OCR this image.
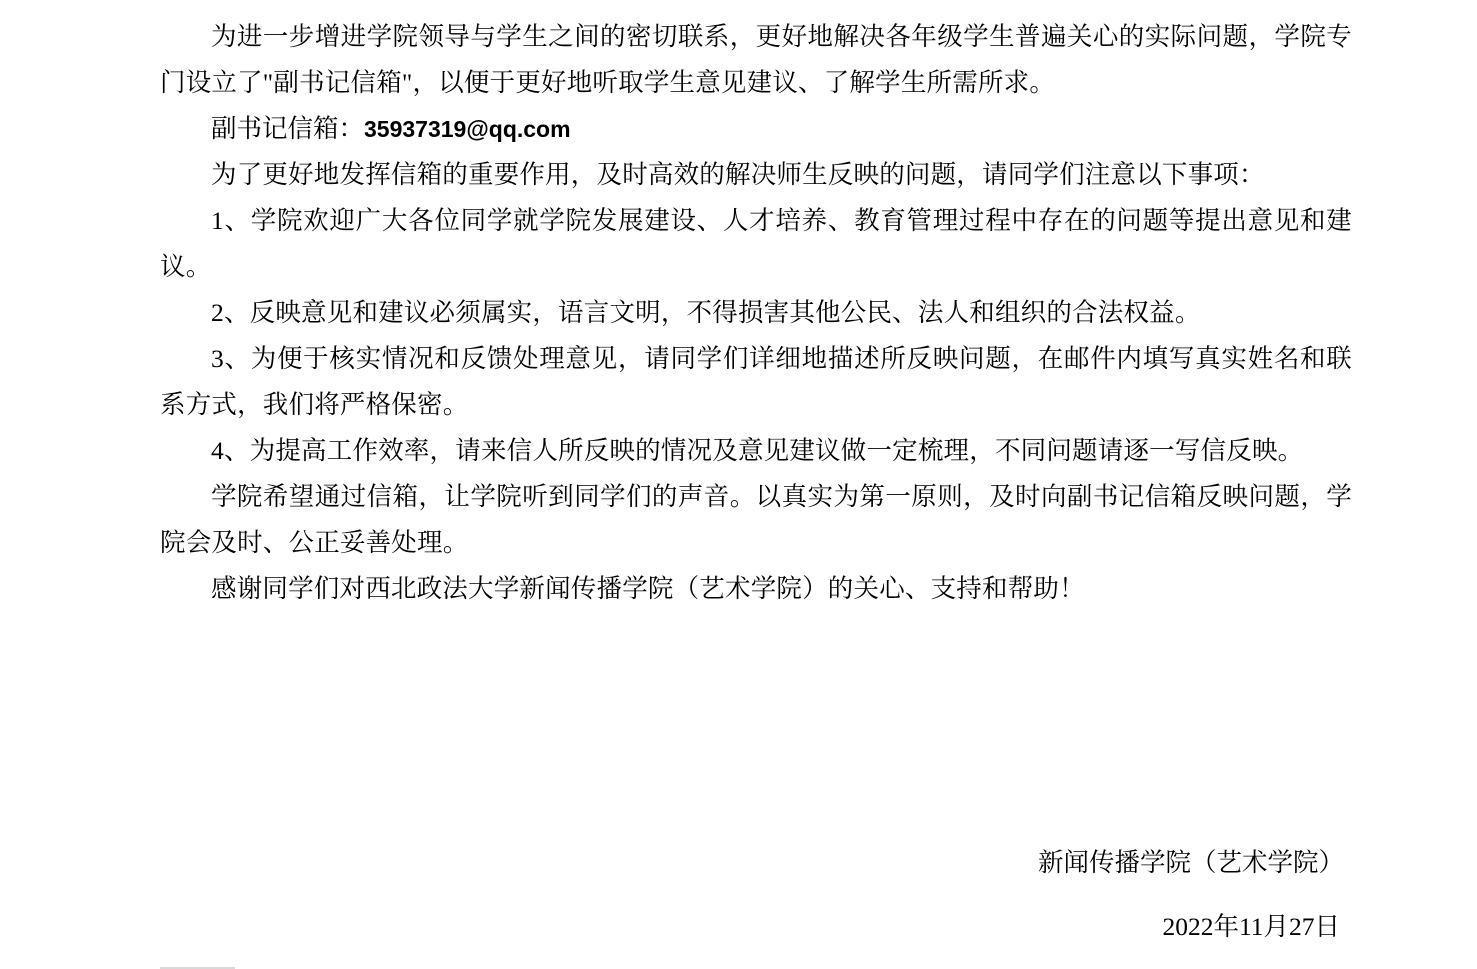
为进一步增进学院领导与学生之间的密切联系，更好地解决各年级学生普遍关心的实际问题，学院专门设立了"副书记信箱"，以便于更好地听取学生意见建议、了解学生所需所求。

副书记信箱：35937319@qq.com

为了更好地发挥信箱的重要作用，及时高效的解决师生反映的问题，请同学们注意以下事项：

1、学院欢迎广大各位同学就学院发展建设、人才培养、教育管理过程中存在的问题等提出意见和建议。

2、反映意见和建议必须属实，语言文明，不得损害其他公民、法人和组织的合法权益。

3、为便于核实情况和反馈处理意见，请同学们详细地描述所反映问题，在邮件内填写真实姓名和联系方式，我们将严格保密。

4、为提高工作效率，请来信人所反映的情况及意见建议做一定梳理，不同问题请逐一写信反映。

学院希望通过信箱，让学院听到同学们的声音。以真实为第一原则，及时向副书记信箱反映问题，学院会及时、公正妥善处理。

感谢同学们对西北政法大学新闻传播学院（艺术学院）的关心、支持和帮助！

新闻传播学院（艺术学院）

2022年11月27日
